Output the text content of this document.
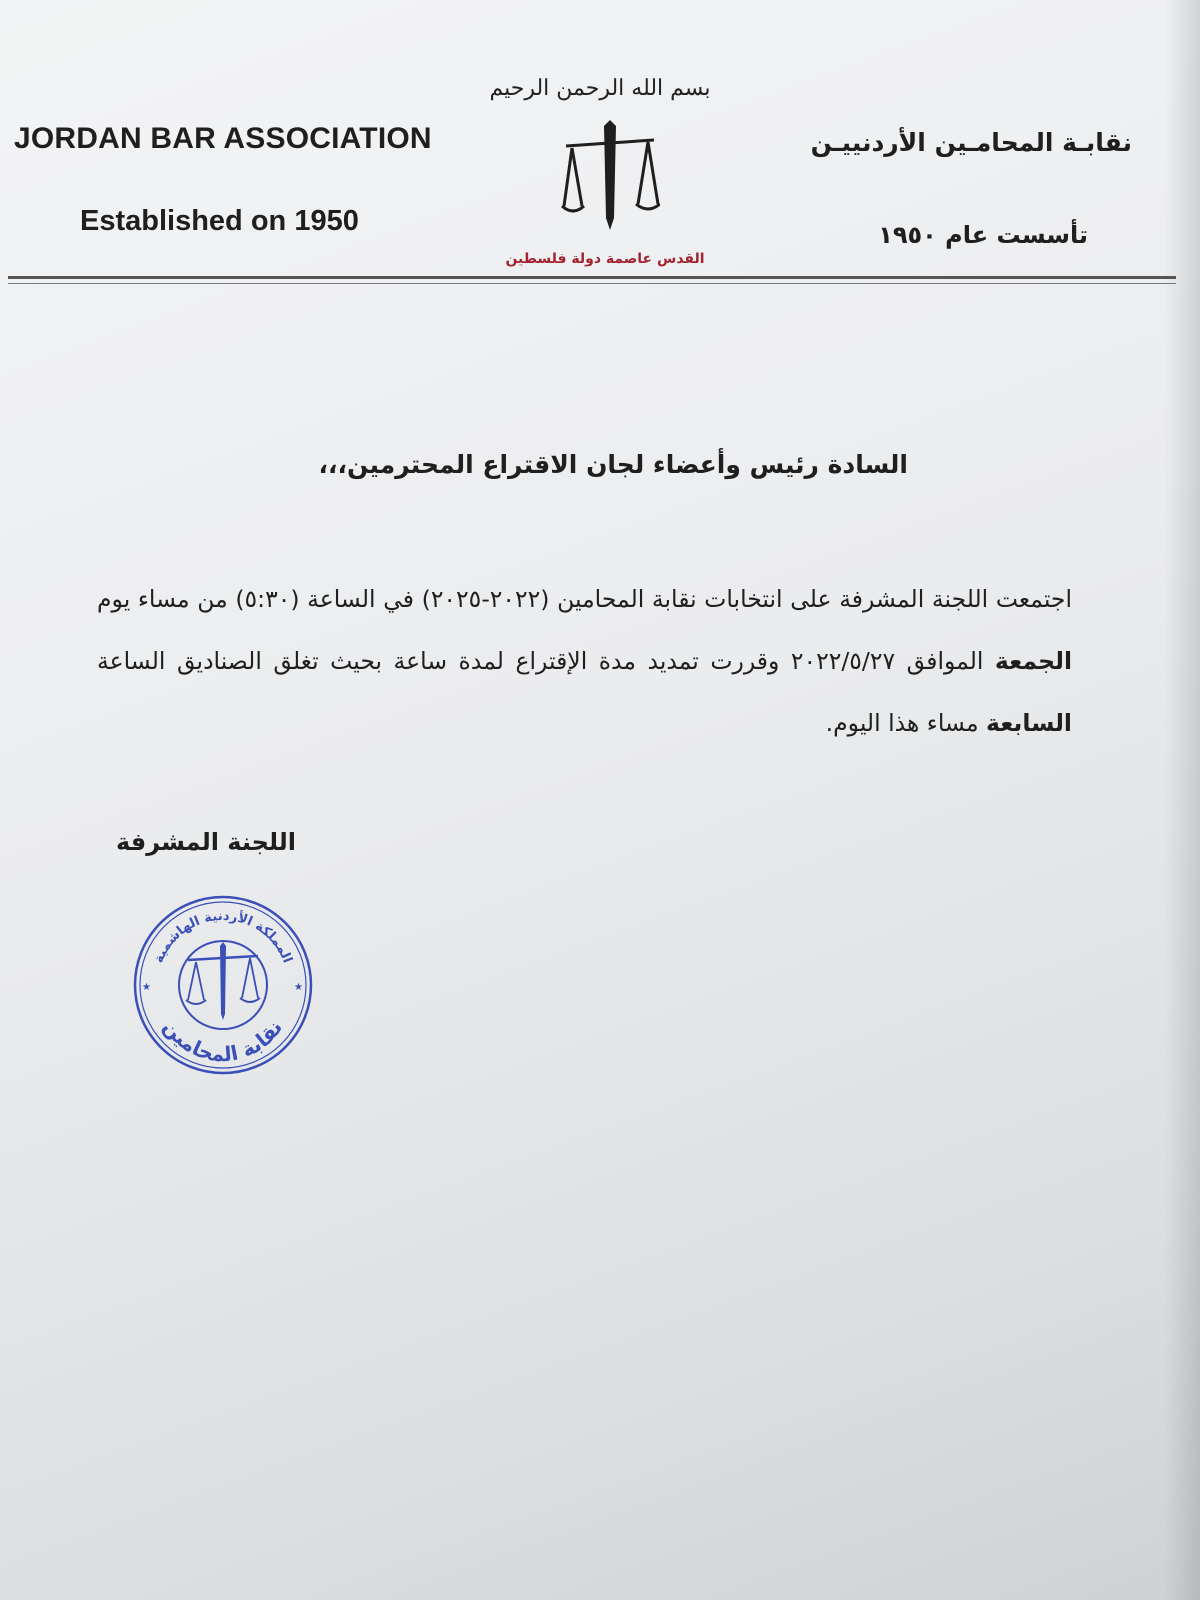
JORDAN BAR ASSOCIATION
Established on 1950
بسم الله الرحمن الرحيم
القدس عاصمة دولة فلسطين
نقابـة المحامـين الأردنييـن
تأسست عام ١٩٥٠
السادة رئيس وأعضاء لجان الاقتراع المحترمين،،،
اجتمعت اللجنة المشرفة على انتخابات نقابة المحامين (٢٠٢٢-٢٠٢٥) في الساعة (٥:٣٠) من مساء يوم الجمعة الموافق ٢٠٢٢/٥/٢٧ وقررت تمديد مدة الإقتراع لمدة ساعة بحيث تغلق الصناديق الساعة السابعة مساء هذا اليوم.
اللجنة المشرفة
المملكة الأردنية الهاشمية
نقابة المحامين
★	★
